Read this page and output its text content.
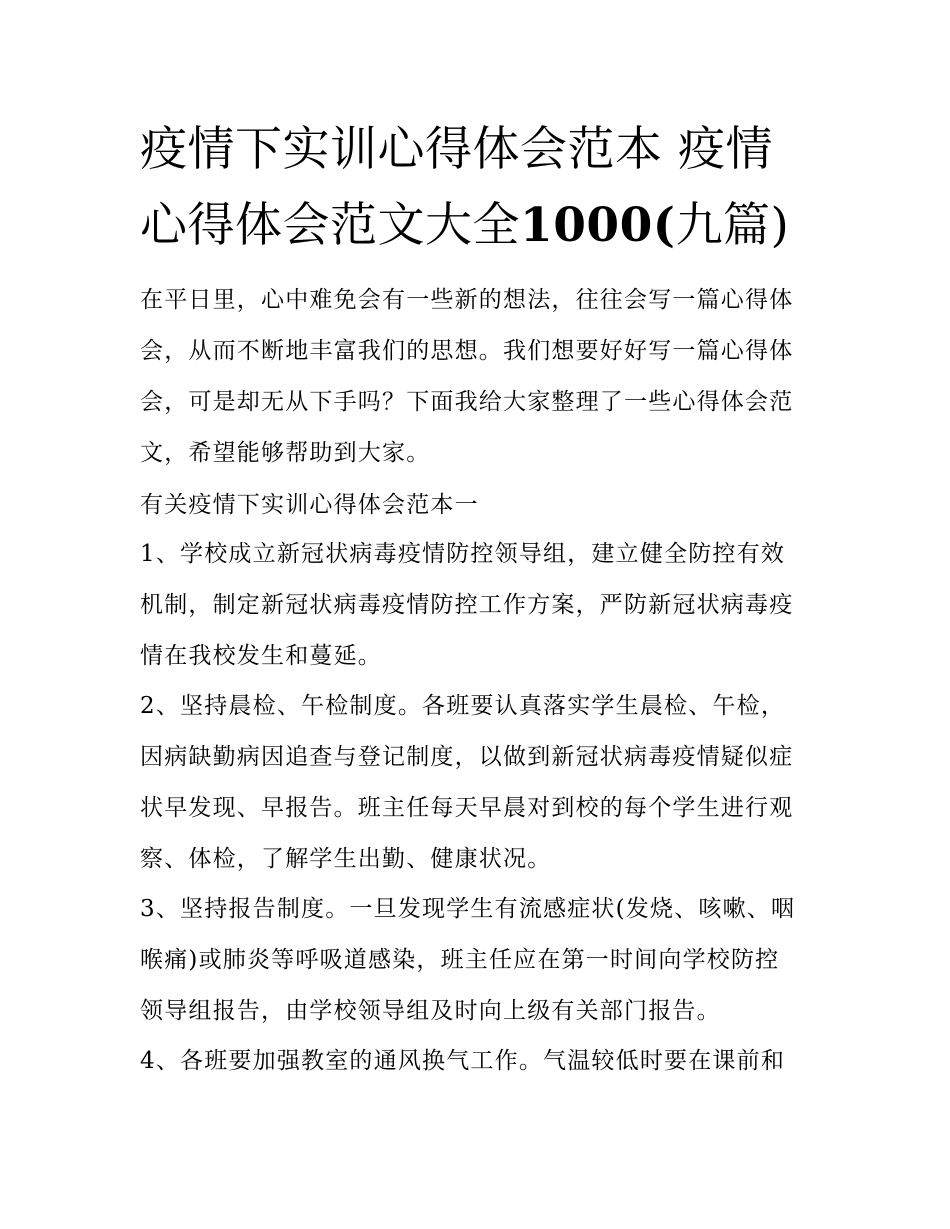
疫情下实训心得体会范本 疫情
心得体会范文大全1000(九篇)
在平日里，心中难免会有一些新的想法，往往会写一篇心得体
会，从而不断地丰富我们的思想。我们想要好好写一篇心得体
会，可是却无从下手吗？下面我给大家整理了一些心得体会范
文，希望能够帮助到大家。
有关疫情下实训心得体会范本一
1、学校成立新冠状病毒疫情防控领导组，建立健全防控有效
机制，制定新冠状病毒疫情防控工作方案，严防新冠状病毒疫
情在我校发生和蔓延。
2、坚持晨检、午检制度。各班要认真落实学生晨检、午检，
因病缺勤病因追查与登记制度，以做到新冠状病毒疫情疑似症
状早发现、早报告。班主任每天早晨对到校的每个学生进行观
察、体检，了解学生出勤、健康状况。
3、坚持报告制度。一旦发现学生有流感症状(发烧、咳嗽、咽
喉痛)或肺炎等呼吸道感染，班主任应在第一时间向学校防控
领导组报告，由学校领导组及时向上级有关部门报告。
4、各班要加强教室的通风换气工作。气温较低时要在课前和
